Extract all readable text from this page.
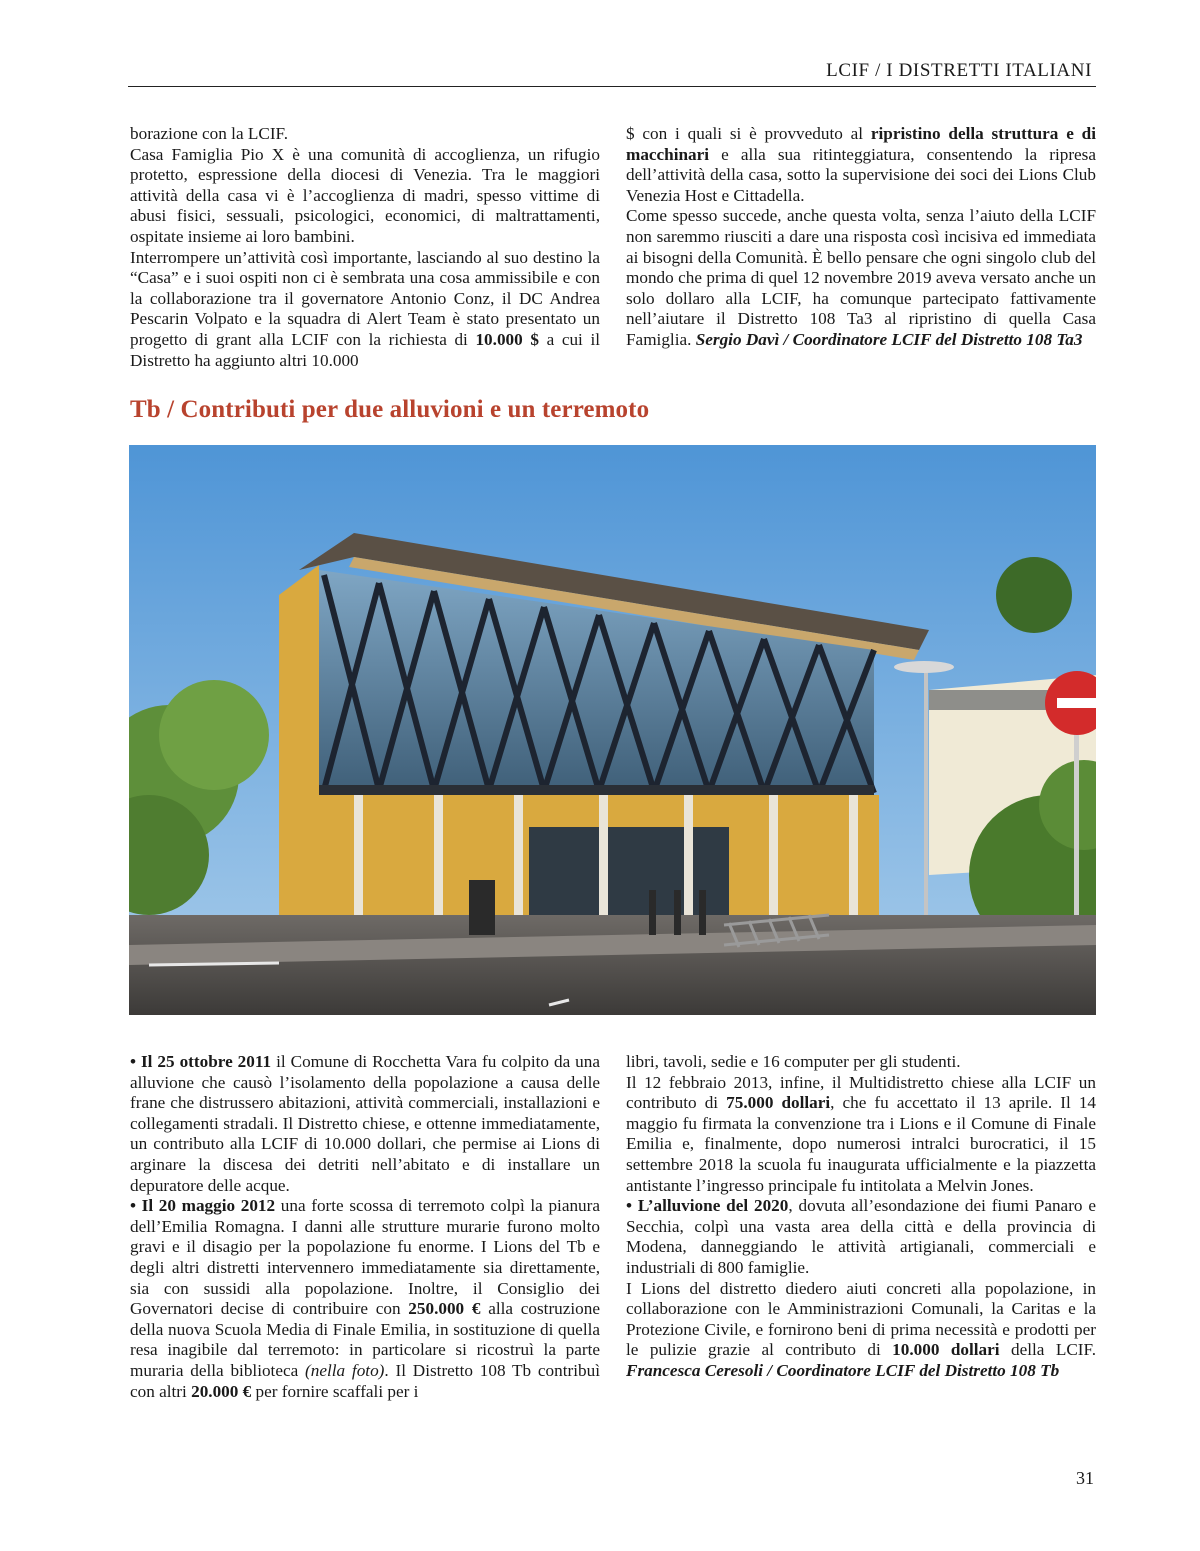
LCIF / I DISTRETTI ITALIANI

borazione con la LCIF.

Casa Famiglia Pio X è una comunità di accoglienza, un rifugio protetto, espressione della diocesi di Venezia. Tra le maggiori attività della casa vi è l’accoglienza di madri, spesso vittime di abusi fisici, sessuali, psicologici, economici, di maltrattamenti, ospitate insieme ai loro bambini.

Interrompere un’attività così importante, lasciando al suo destino la “Casa” e i suoi ospiti non ci è sembrata una cosa ammissibile e con la collaborazione tra il governatore Antonio Conz, il DC Andrea Pescarin Volpato e la squadra di Alert Team è stato presentato un progetto di grant alla LCIF con la richiesta di 10.000 $ a cui il Distretto ha aggiunto altri 10.000

$ con i quali si è provveduto al ripristino della struttura e di macchinari e alla sua ritinteggiatura, consentendo la ripresa dell’attività della casa, sotto la supervisione dei soci dei Lions Club Venezia Host e Cittadella.

Come spesso succede, anche questa volta, senza l’aiuto della LCIF non saremmo riusciti a dare una risposta così incisiva ed immediata ai bisogni della Comunità. È bello pensare che ogni singolo club del mondo che prima di quel 12 novembre 2019 aveva versato anche un solo dollaro alla LCIF, ha comunque partecipato fattivamente nell’aiutare il Distretto 108 Ta3 al ripristino di quella Casa Famiglia. Sergio Davì / Coordinatore LCIF del Distretto 108 Ta3

Tb / Contributi per due alluvioni e un terremoto

• Il 25 ottobre 2011 il Comune di Rocchetta Vara fu colpito da una alluvione che causò l’isolamento della popolazione a causa delle frane che distrussero abitazioni, attività commerciali, installazioni e collegamenti stradali. Il Distretto chiese, e ottenne immediatamente, un contributo alla LCIF di 10.000 dollari, che permise ai Lions di arginare la discesa dei detriti nell’abitato e di installare un depuratore delle acque.

• Il 20 maggio 2012 una forte scossa di terremoto colpì la pianura dell’Emilia Romagna. I danni alle strutture murarie furono molto gravi e il disagio per la popolazione fu enorme. I Lions del Tb e degli altri distretti intervennero immediatamente sia direttamente, sia con sussidi alla popolazione. Inoltre, il Consiglio dei Governatori decise di contribuire con 250.000 € alla costruzione della nuova Scuola Media di Finale Emilia, in sostituzione di quella resa inagibile dal terremoto: in particolare si ricostruì la parte muraria della biblioteca (nella foto). Il Distretto 108 Tb contribuì con altri 20.000 € per fornire scaffali per i

libri, tavoli, sedie e 16 computer per gli studenti.

Il 12 febbraio 2013, infine, il Multidistretto chiese alla LCIF un contributo di 75.000 dollari, che fu accettato il 13 aprile. Il 14 maggio fu firmata la convenzione tra i Lions e il Comune di Finale Emilia e, finalmente, dopo numerosi intralci burocratici, il 15 settembre 2018 la scuola fu inaugurata ufficialmente e la piazzetta antistante l’ingresso principale fu intitolata a Melvin Jones.

• L’alluvione del 2020, dovuta all’esondazione dei fiumi Panaro e Secchia, colpì una vasta area della città e della provincia di Modena, danneggiando le attività artigianali, commerciali e industriali di 800 famiglie.

I Lions del distretto diedero aiuti concreti alla popolazione, in collaborazione con le Amministrazioni Comunali, la Caritas e la Protezione Civile, e fornirono beni di prima necessità e prodotti per le pulizie grazie al contributo di 10.000 dollari della LCIF. Francesca Ceresoli / Coordinatore LCIF del Distretto 108 Tb

31
